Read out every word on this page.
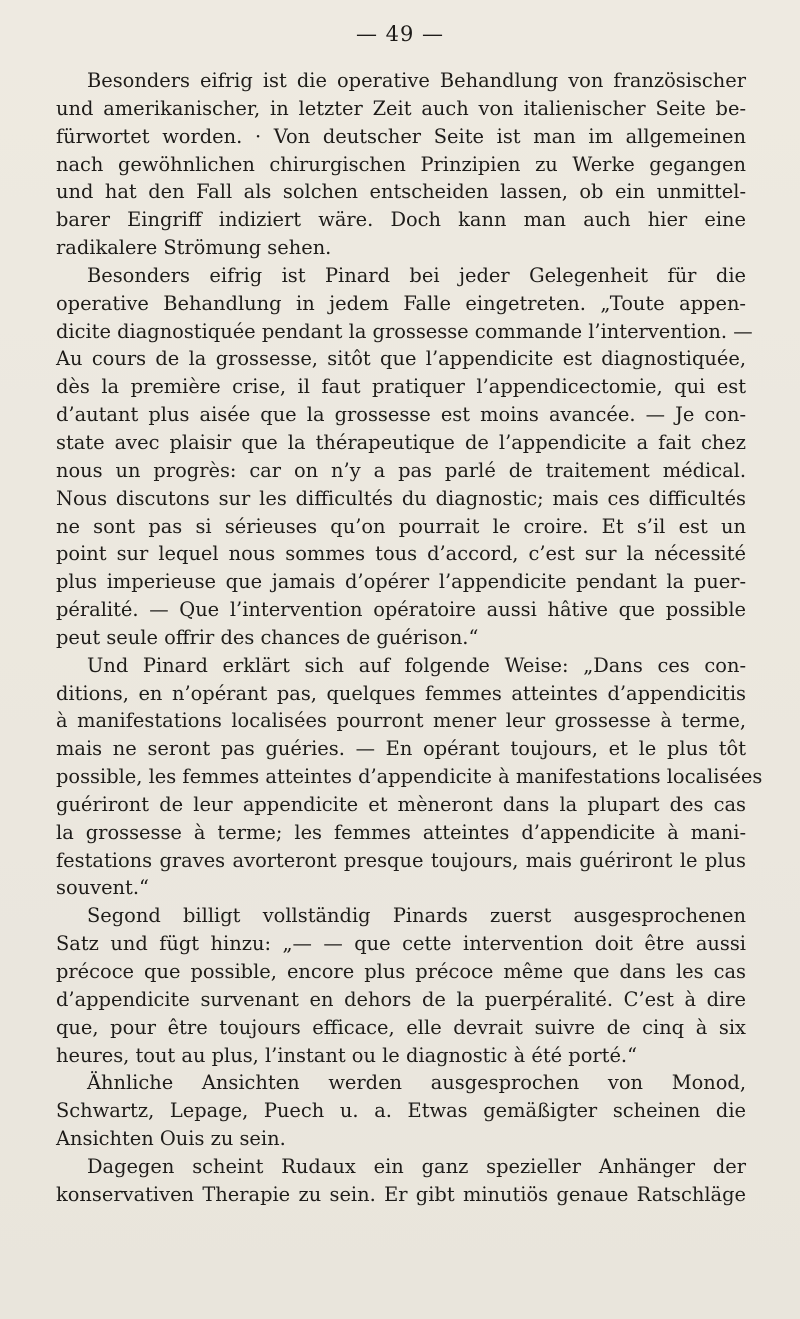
— 49 —
Besonders eifrig ist die operative Behandlung von französischer
und amerikanischer, in letzter Zeit auch von italienischer Seite be-
fürwortet worden. · Von deutscher Seite ist man im allgemeinen
nach gewöhnlichen chirurgischen Prinzipien zu Werke gegangen
und hat den Fall als solchen entscheiden lassen, ob ein unmittel-
barer Eingriff indiziert wäre. Doch kann man auch hier eine
radikalere Strömung sehen.
Besonders eifrig ist Pinard bei jeder Gelegenheit für die
operative Behandlung in jedem Falle eingetreten. „Toute appen-
dicite diagnostiquée pendant la grossesse commande l’intervention. —
Au cours de la grossesse, sitôt que l’appendicite est diagnostiquée,
dès la première crise, il faut pratiquer l’appendicectomie, qui est
d’autant plus aisée que la grossesse est moins avancée. — Je con-
state avec plaisir que la thérapeutique de l’appendicite a fait chez
nous un progrès: car on n’y a pas parlé de traitement médical.
Nous discutons sur les difficultés du diagnostic; mais ces difficultés
ne sont pas si sérieuses qu’on pourrait le croire. Et s’il est un
point sur lequel nous sommes tous d’accord, c’est sur la nécessité
plus imperieuse que jamais d’opérer l’appendicite pendant la puer-
péralité. — Que l’intervention opératoire aussi hâtive que possible
peut seule offrir des chances de guérison.“
Und Pinard erklärt sich auf folgende Weise: „Dans ces con-
ditions, en n’opérant pas, quelques femmes atteintes d’appendicitis
à manifestations localisées pourront mener leur grossesse à terme,
mais ne seront pas guéries. — En opérant toujours, et le plus tôt
possible, les femmes atteintes d’appendicite à manifestations localisées
guériront de leur appendicite et mèneront dans la plupart des cas
la grossesse à terme; les femmes atteintes d’appendicite à mani-
festations graves avorteront presque toujours, mais guériront le plus
souvent.“
Segond billigt vollständig Pinards zuerst ausgesprochenen
Satz und fügt hinzu: „— — que cette intervention doit être aussi
précoce que possible, encore plus précoce même que dans les cas
d’appendicite survenant en dehors de la puerpéralité. C’est à dire
que, pour être toujours efficace, elle devrait suivre de cinq à six
heures, tout au plus, l’instant ou le diagnostic à été porté.“
Ähnliche Ansichten werden ausgesprochen von Monod,
Schwartz, Lepage, Puech u. a. Etwas gemäßigter scheinen die
Ansichten Ouis zu sein.
Dagegen scheint Rudaux ein ganz spezieller Anhänger der
konservativen Therapie zu sein. Er gibt minutiös genaue Ratschläge
